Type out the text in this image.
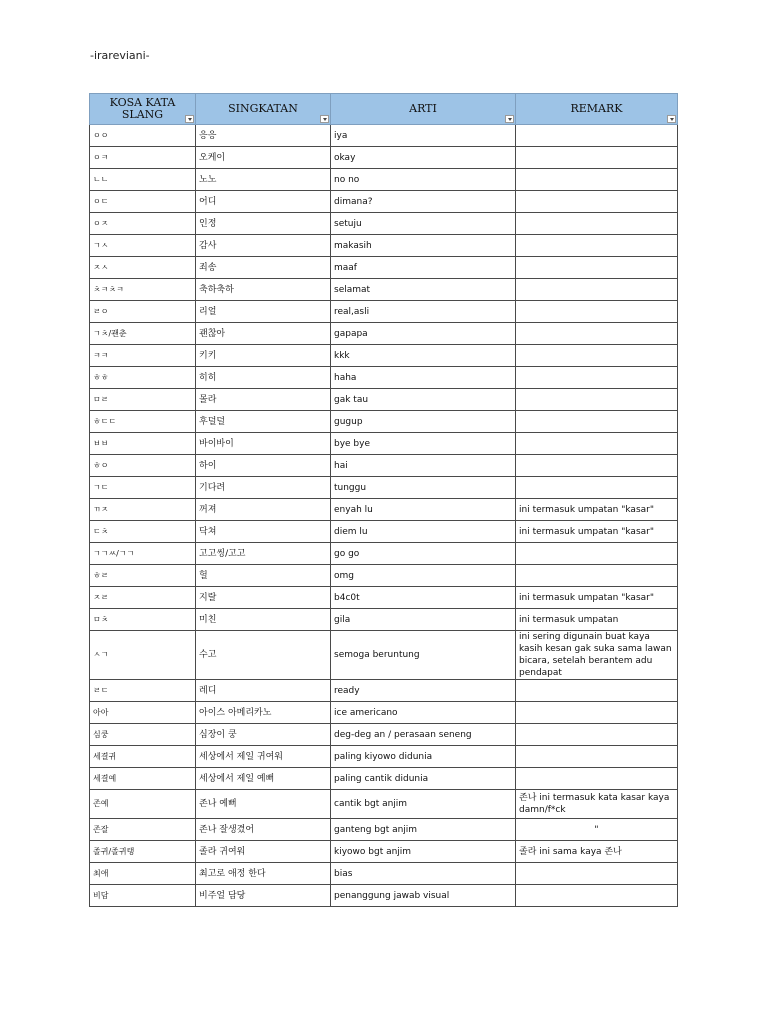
-irareviani-
KOSA KATA SLANG	SINGKATAN	ARTI	REMARK

ㅇㅇ	응응	iya	
ㅇㅋ	오케이	okay	
ㄴㄴ	노노	no no	
ㅇㄷ	어디	dimana?	
ㅇㅈ	인정	setuju	
ㄱㅅ	감사	makasih	
ㅈㅅ	죄송	maaf	
ㅊㅋㅊㅋ	축하축하	selamat	
ㄹㅇ	리얼	real,asli	
ㄱㅊ/괜춘	괜찮아	gapapa	
ㅋㅋ	키키	kkk	
ㅎㅎ	히히	haha	
ㅁㄹ	몰라	gak tau	
ㅎㄷㄷ	후덜덜	gugup	
ㅂㅂ	바이바이	bye bye	
ㅎㅇ	하이	hai	
ㄱㄷ	기다려	tunggu	
ㄲㅈ	꺼져	enyah lu	ini termasuk umpatan "kasar"
ㄷㅊ	닥쳐	diem lu	ini termasuk umpatan "kasar"
ㄱㄱㅆ/ㄱㄱ	고고씽/고고	go go	
ㅎㄹ	헐	omg	
ㅈㄹ	지랄	b4c0t	ini termasuk umpatan "kasar"
ㅁㅊ	미친	gila	ini termasuk umpatan
ㅅㄱ	수고	semoga beruntung	ini sering digunain buat kaya kasih kesan gak suka sama lawan bicara, setelah berantem adu pendapat
ㄹㄷ	레디	ready	
아아	아이스 아메리카노	ice americano	
심쿵	심장이 쿵	deg-deg an / perasaan seneng	
세결귀	세상에서 제일 귀여워	paling kiyowo didunia	
세결예	세상에서 제일 예뻐	paling cantik didunia	
존예	존나 예뻐	cantik bgt anjim	존나 ini termasuk kata kasar kaya damn/f*ck
존잘	존나 잘생겼어	ganteng bgt anjim	"
졸귀/졸귀탱	졸라 귀여워	kiyowo bgt anjim	졸라 ini sama kaya 존나
최애	최고로 애정 한다	bias	
비담	비주얼 담당	penanggung jawab visual	
